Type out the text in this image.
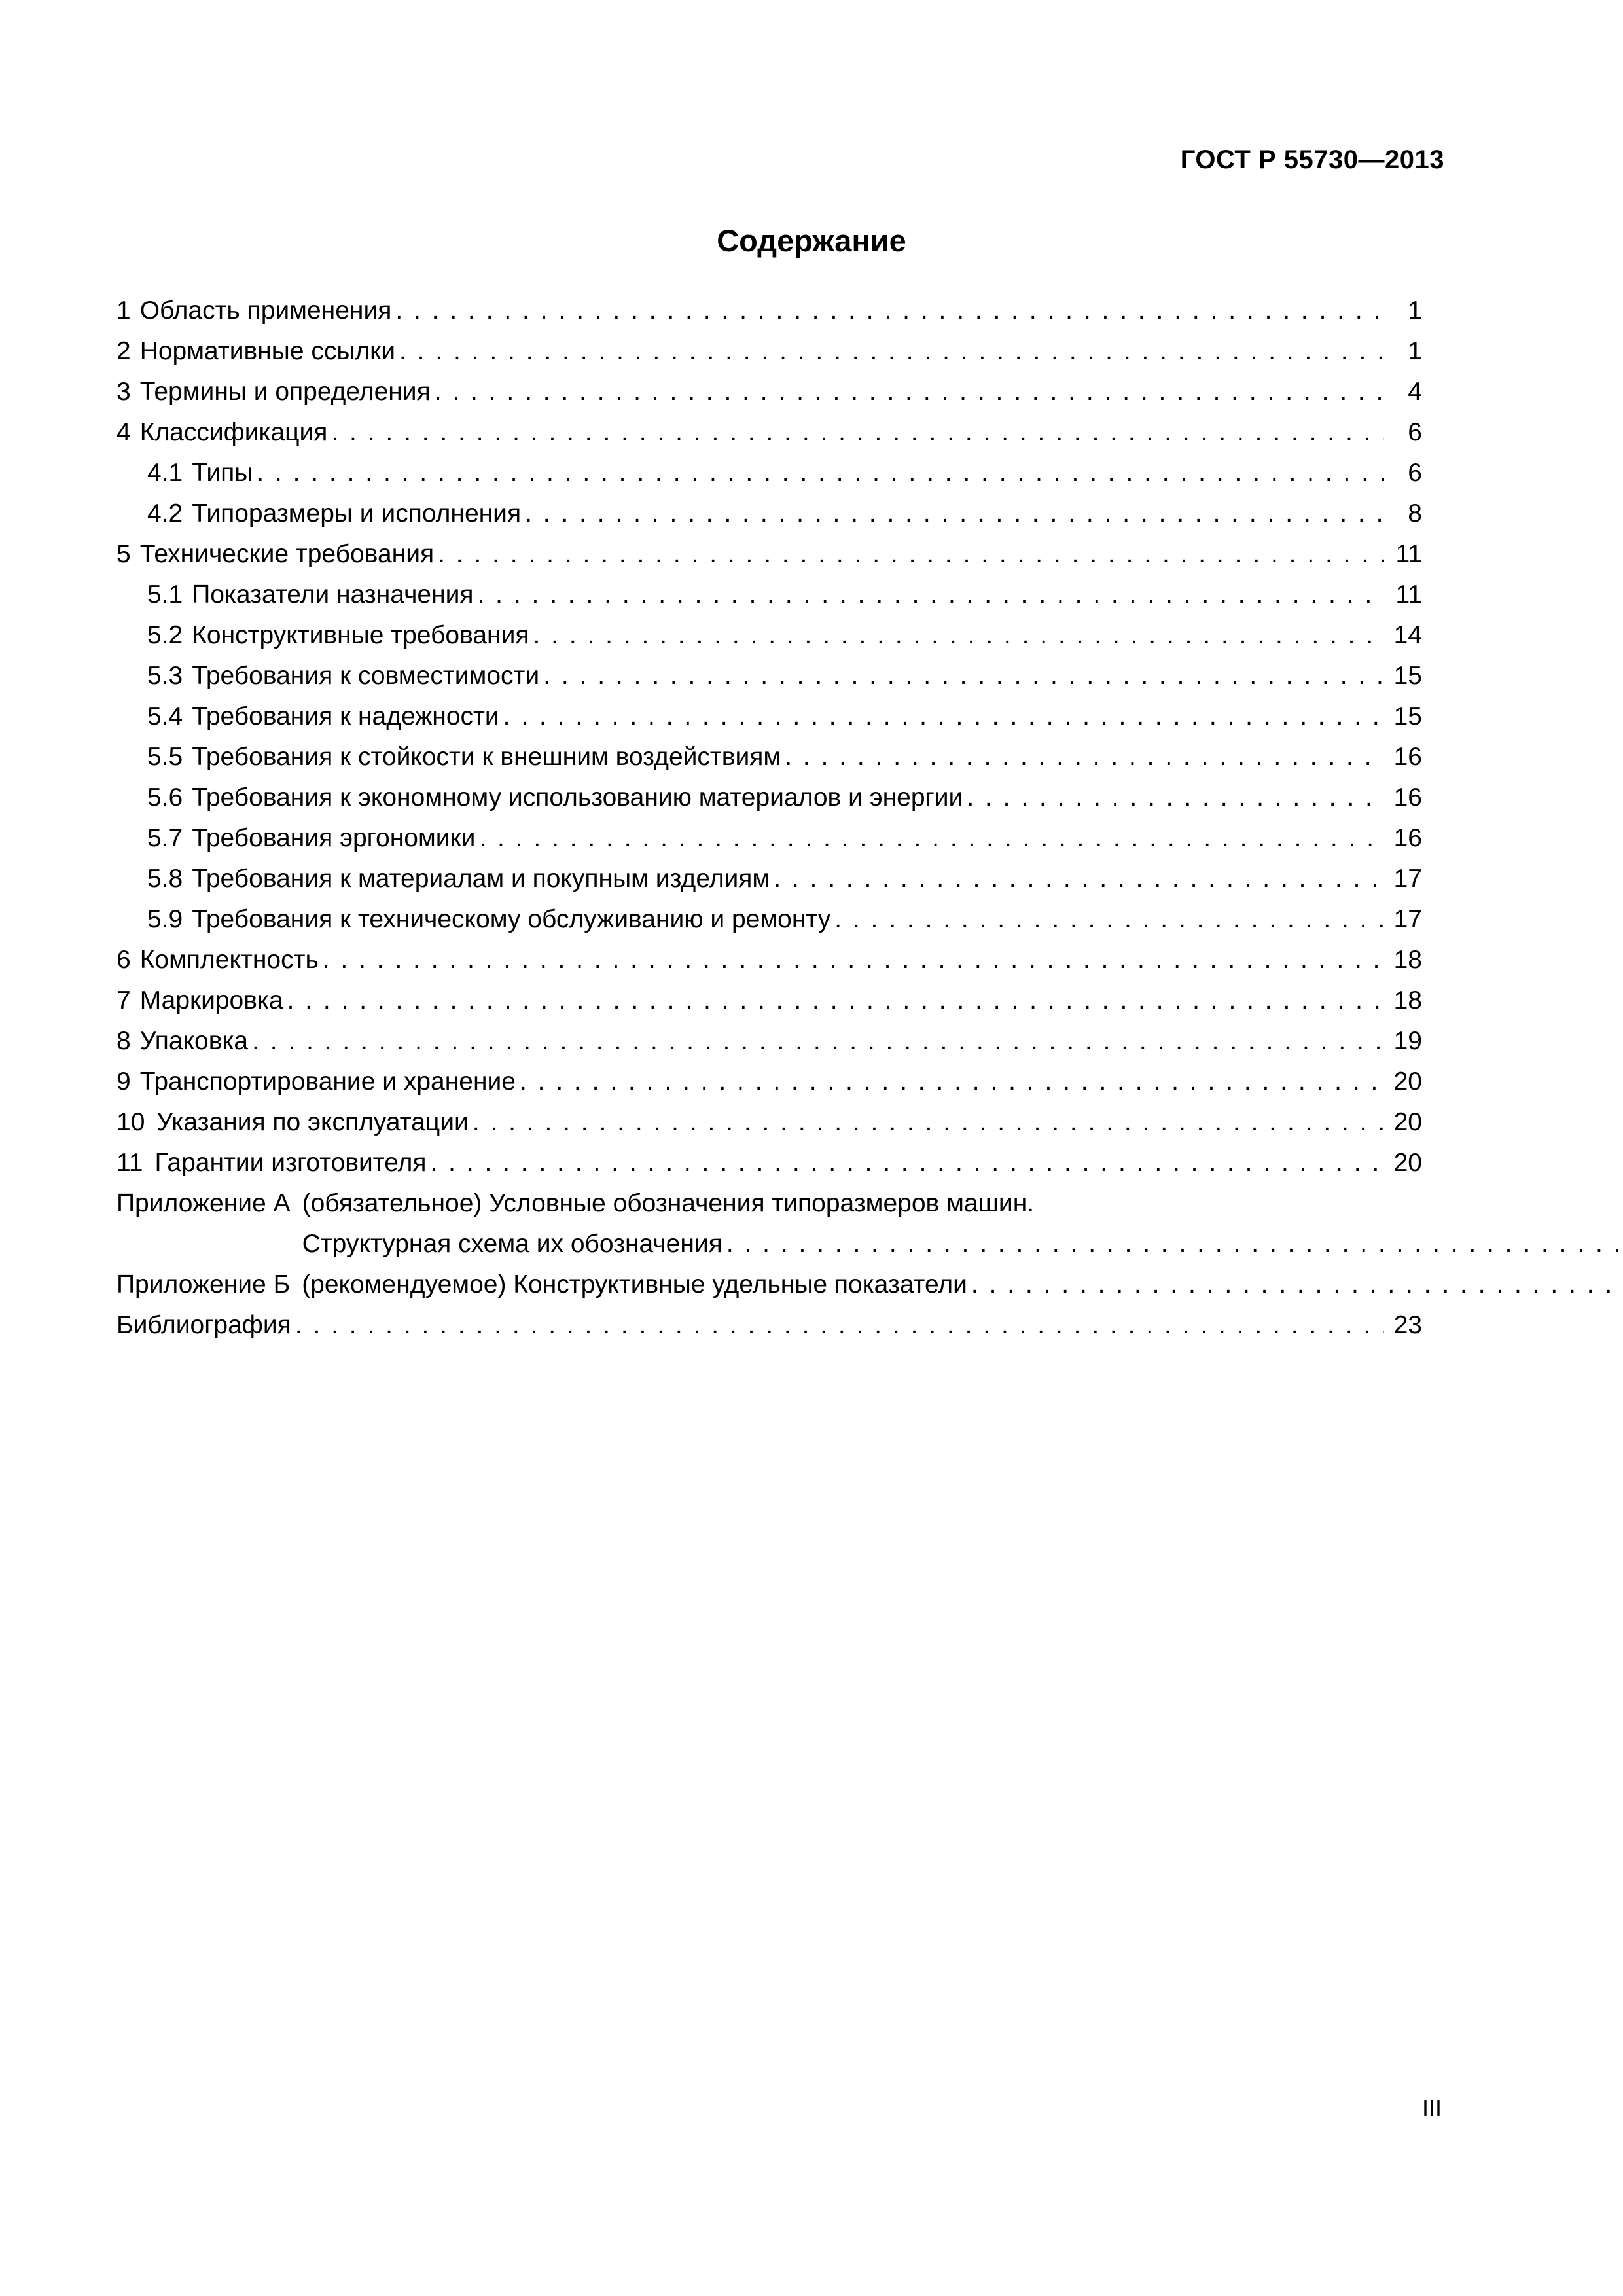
ГОСТ Р 55730—2013
Содержание
1 Область применения . . .	1
2 Нормативные ссылки . . .	1
3 Термины и определения . . .	4
4 Классификация . . .	6
4.1 Типы . . .	6
4.2 Типоразмеры и исполнения . . .	8
5 Технические требования . . .	11
5.1 Показатели назначения . . .	11
5.2 Конструктивные требования . . .	14
5.3 Требования к совместимости . . .	15
5.4 Требования к надежности . . .	15
5.5 Требования к стойкости к внешним воздействиям . . .	16
5.6 Требования к экономному использованию материалов и энергии . . .	16
5.7 Требования эргономики . . .	16
5.8 Требования к материалам и покупным изделиям . . .	17
5.9 Требования к техническому обслуживанию и ремонту . . .	17
6 Комплектность . . .	18
7 Маркировка . . .	18
8 Упаковка . . .	19
9 Транспортирование и хранение . . .	20
10 Указания по эксплуатации . . .	20
11 Гарантии изготовителя . . .	20
Приложение А (обязательное) Условные обозначения типоразмеров машин.
Структурная схема их обозначения
. . .
Приложение Б (рекомендуемое) Конструктивные удельные показатели
. . .
Библиография . . .	23
III
